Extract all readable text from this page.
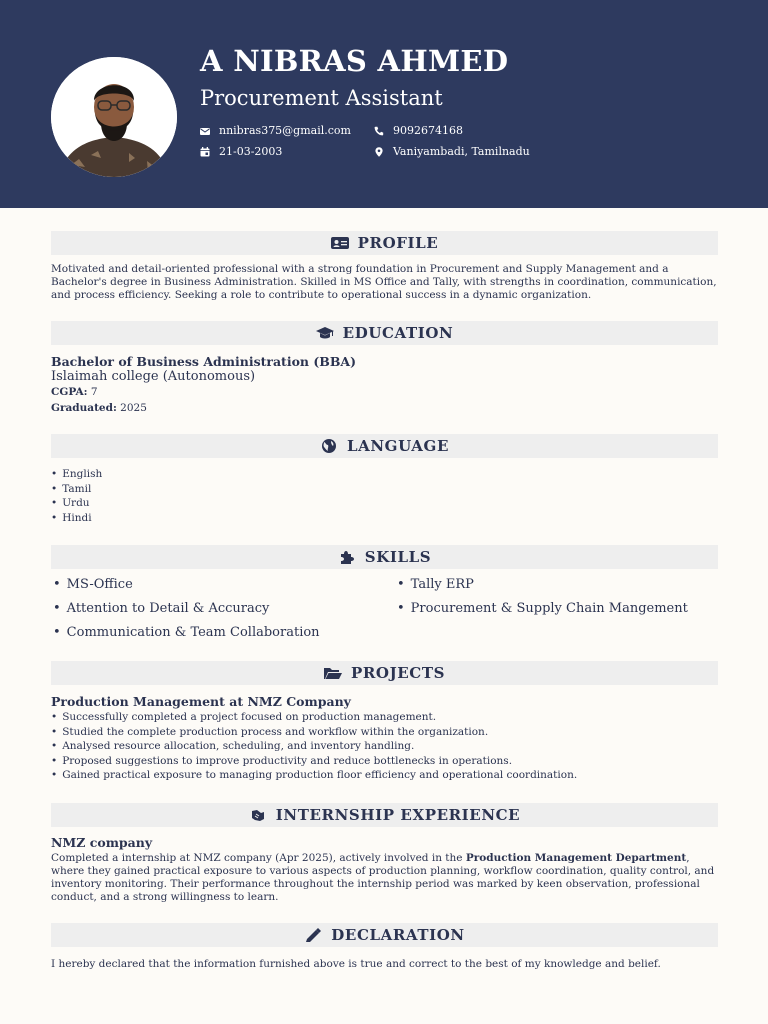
A NIBRAS AHMED
Procurement Assistant
nnibras375@gmail.com	9092674168
21-03-2003	Vaniyambadi, Tamilnadu
PROFILE
Motivated and detail-oriented professional with a strong foundation in Procurement and Supply Management and a Bachelor's degree in Business Administration. Skilled in MS Office and Tally, with strengths in coordination, communication, and process efficiency. Seeking a role to contribute to operational success in a dynamic organization.
EDUCATION
Bachelor of Business Administration (BBA)
Islaimah college (Autonomous)
CGPA: 7
Graduated: 2025
LANGUAGE
• English
• Tamil
• Urdu
• Hindi
SKILLS
• MS-Office	• Tally ERP
• Attention to Detail & Accuracy	• Procurement & Supply Chain Mangement
• Communication & Team Collaboration
PROJECTS
Production Management at NMZ Company
• Successfully completed a project focused on production management.
• Studied the complete production process and workflow within the organization.
• Analysed resource allocation, scheduling, and inventory handling.
• Proposed suggestions to improve productivity and reduce bottlenecks in operations.
• Gained practical exposure to managing production floor efficiency and operational coordination.
INTERNSHIP EXPERIENCE
NMZ company
Completed a internship at NMZ company (Apr 2025), actively involved in the Production Management Department, where they gained practical exposure to various aspects of production planning, workflow coordination, quality control, and inventory monitoring. Their performance throughout the internship period was marked by keen observation, professional conduct, and a strong willingness to learn.
DECLARATION
I hereby declared that the information furnished above is true and correct to the best of my knowledge and belief.
